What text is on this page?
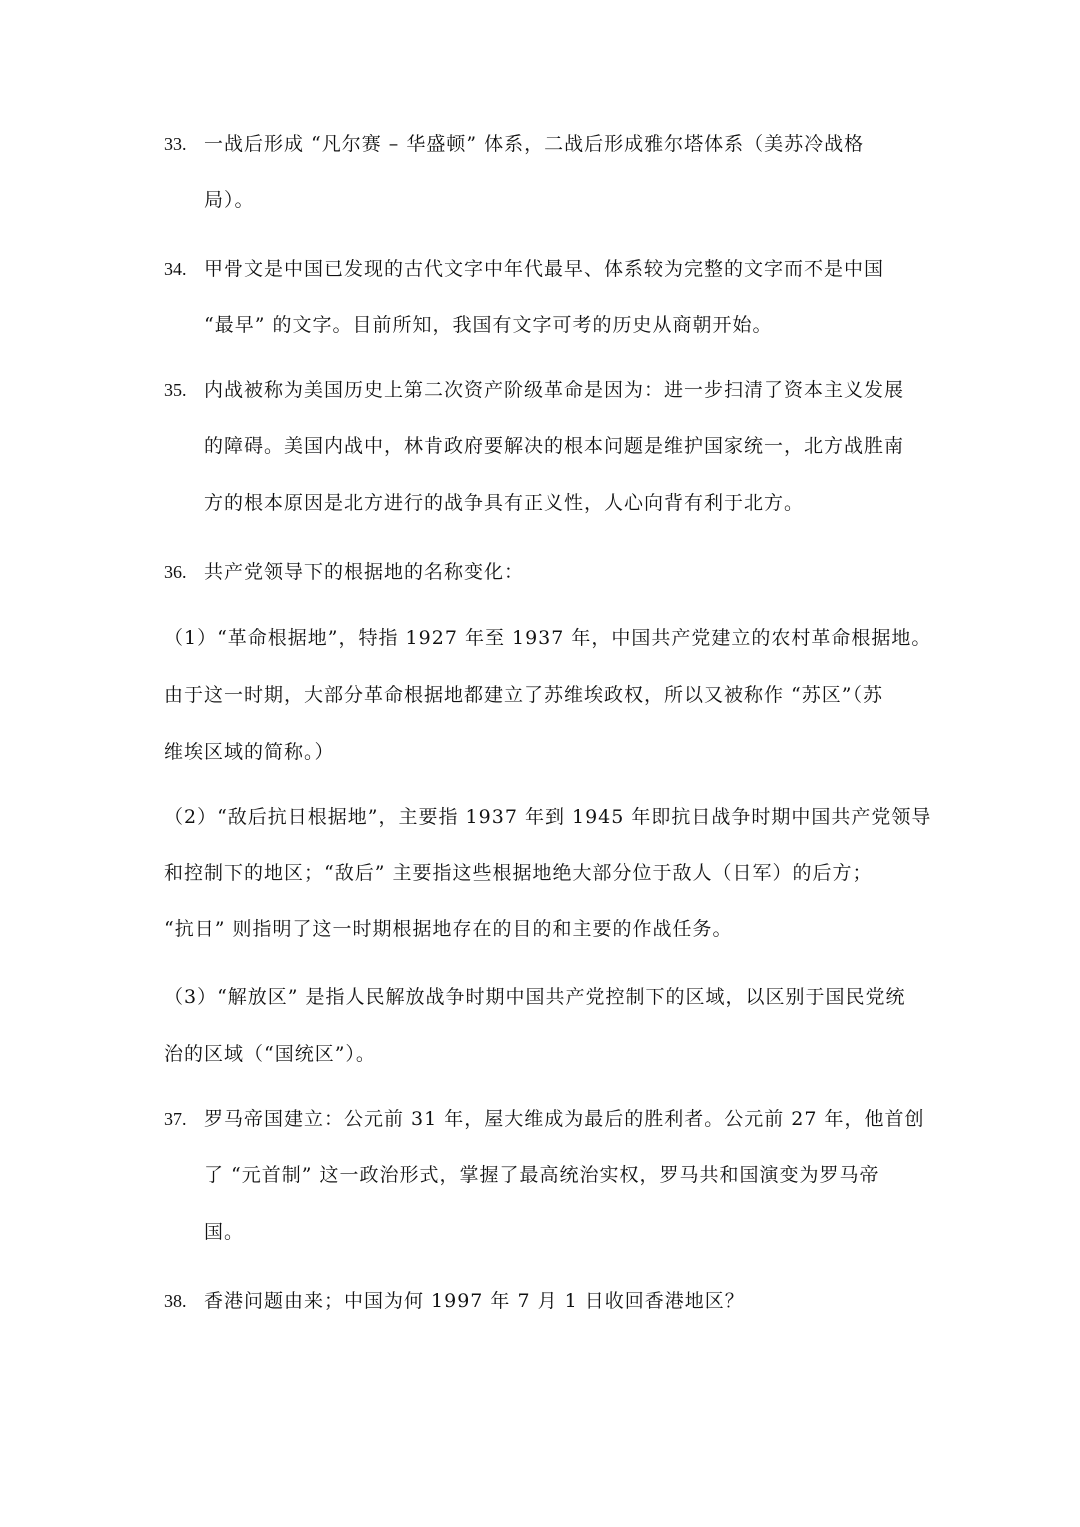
33. 一战后形成 “凡尔赛 – 华盛顿” 体系，二战后形成雅尔塔体系（美苏冷战格
局）。
34. 甲骨文是中国已发现的古代文字中年代最早、体系较为完整的文字而不是中国
“最早” 的文字。目前所知，我国有文字可考的历史从商朝开始。
35. 内战被称为美国历史上第二次资产阶级革命是因为：进一步扫清了资本主义发展
的障碍。美国内战中，林肯政府要解决的根本问题是维护国家统一，北方战胜南
方的根本原因是北方进行的战争具有正义性，人心向背有利于北方。
36. 共产党领导下的根据地的名称变化：
（1）“革命根据地”，特指 1927 年至 1937 年，中国共产党建立的农村革命根据地。
由于这一时期，大部分革命根据地都建立了苏维埃政权，所以又被称作 “苏区”（苏
维埃区域的简称。）
（2）“敌后抗日根据地”，主要指 1937 年到 1945 年即抗日战争时期中国共产党领导
和控制下的地区；“敌后” 主要指这些根据地绝大部分位于敌人（日军）的后方；
“抗日” 则指明了这一时期根据地存在的目的和主要的作战任务。
（3）“解放区” 是指人民解放战争时期中国共产党控制下的区域，以区别于国民党统
治的区域（“国统区”）。
37. 罗马帝国建立：公元前 31 年，屋大维成为最后的胜利者。公元前 27 年，他首创
了 “元首制” 这一政治形式，掌握了最高统治实权，罗马共和国演变为罗马帝
国。
38. 香港问题由来；中国为何 1997 年 7 月 1 日收回香港地区？
